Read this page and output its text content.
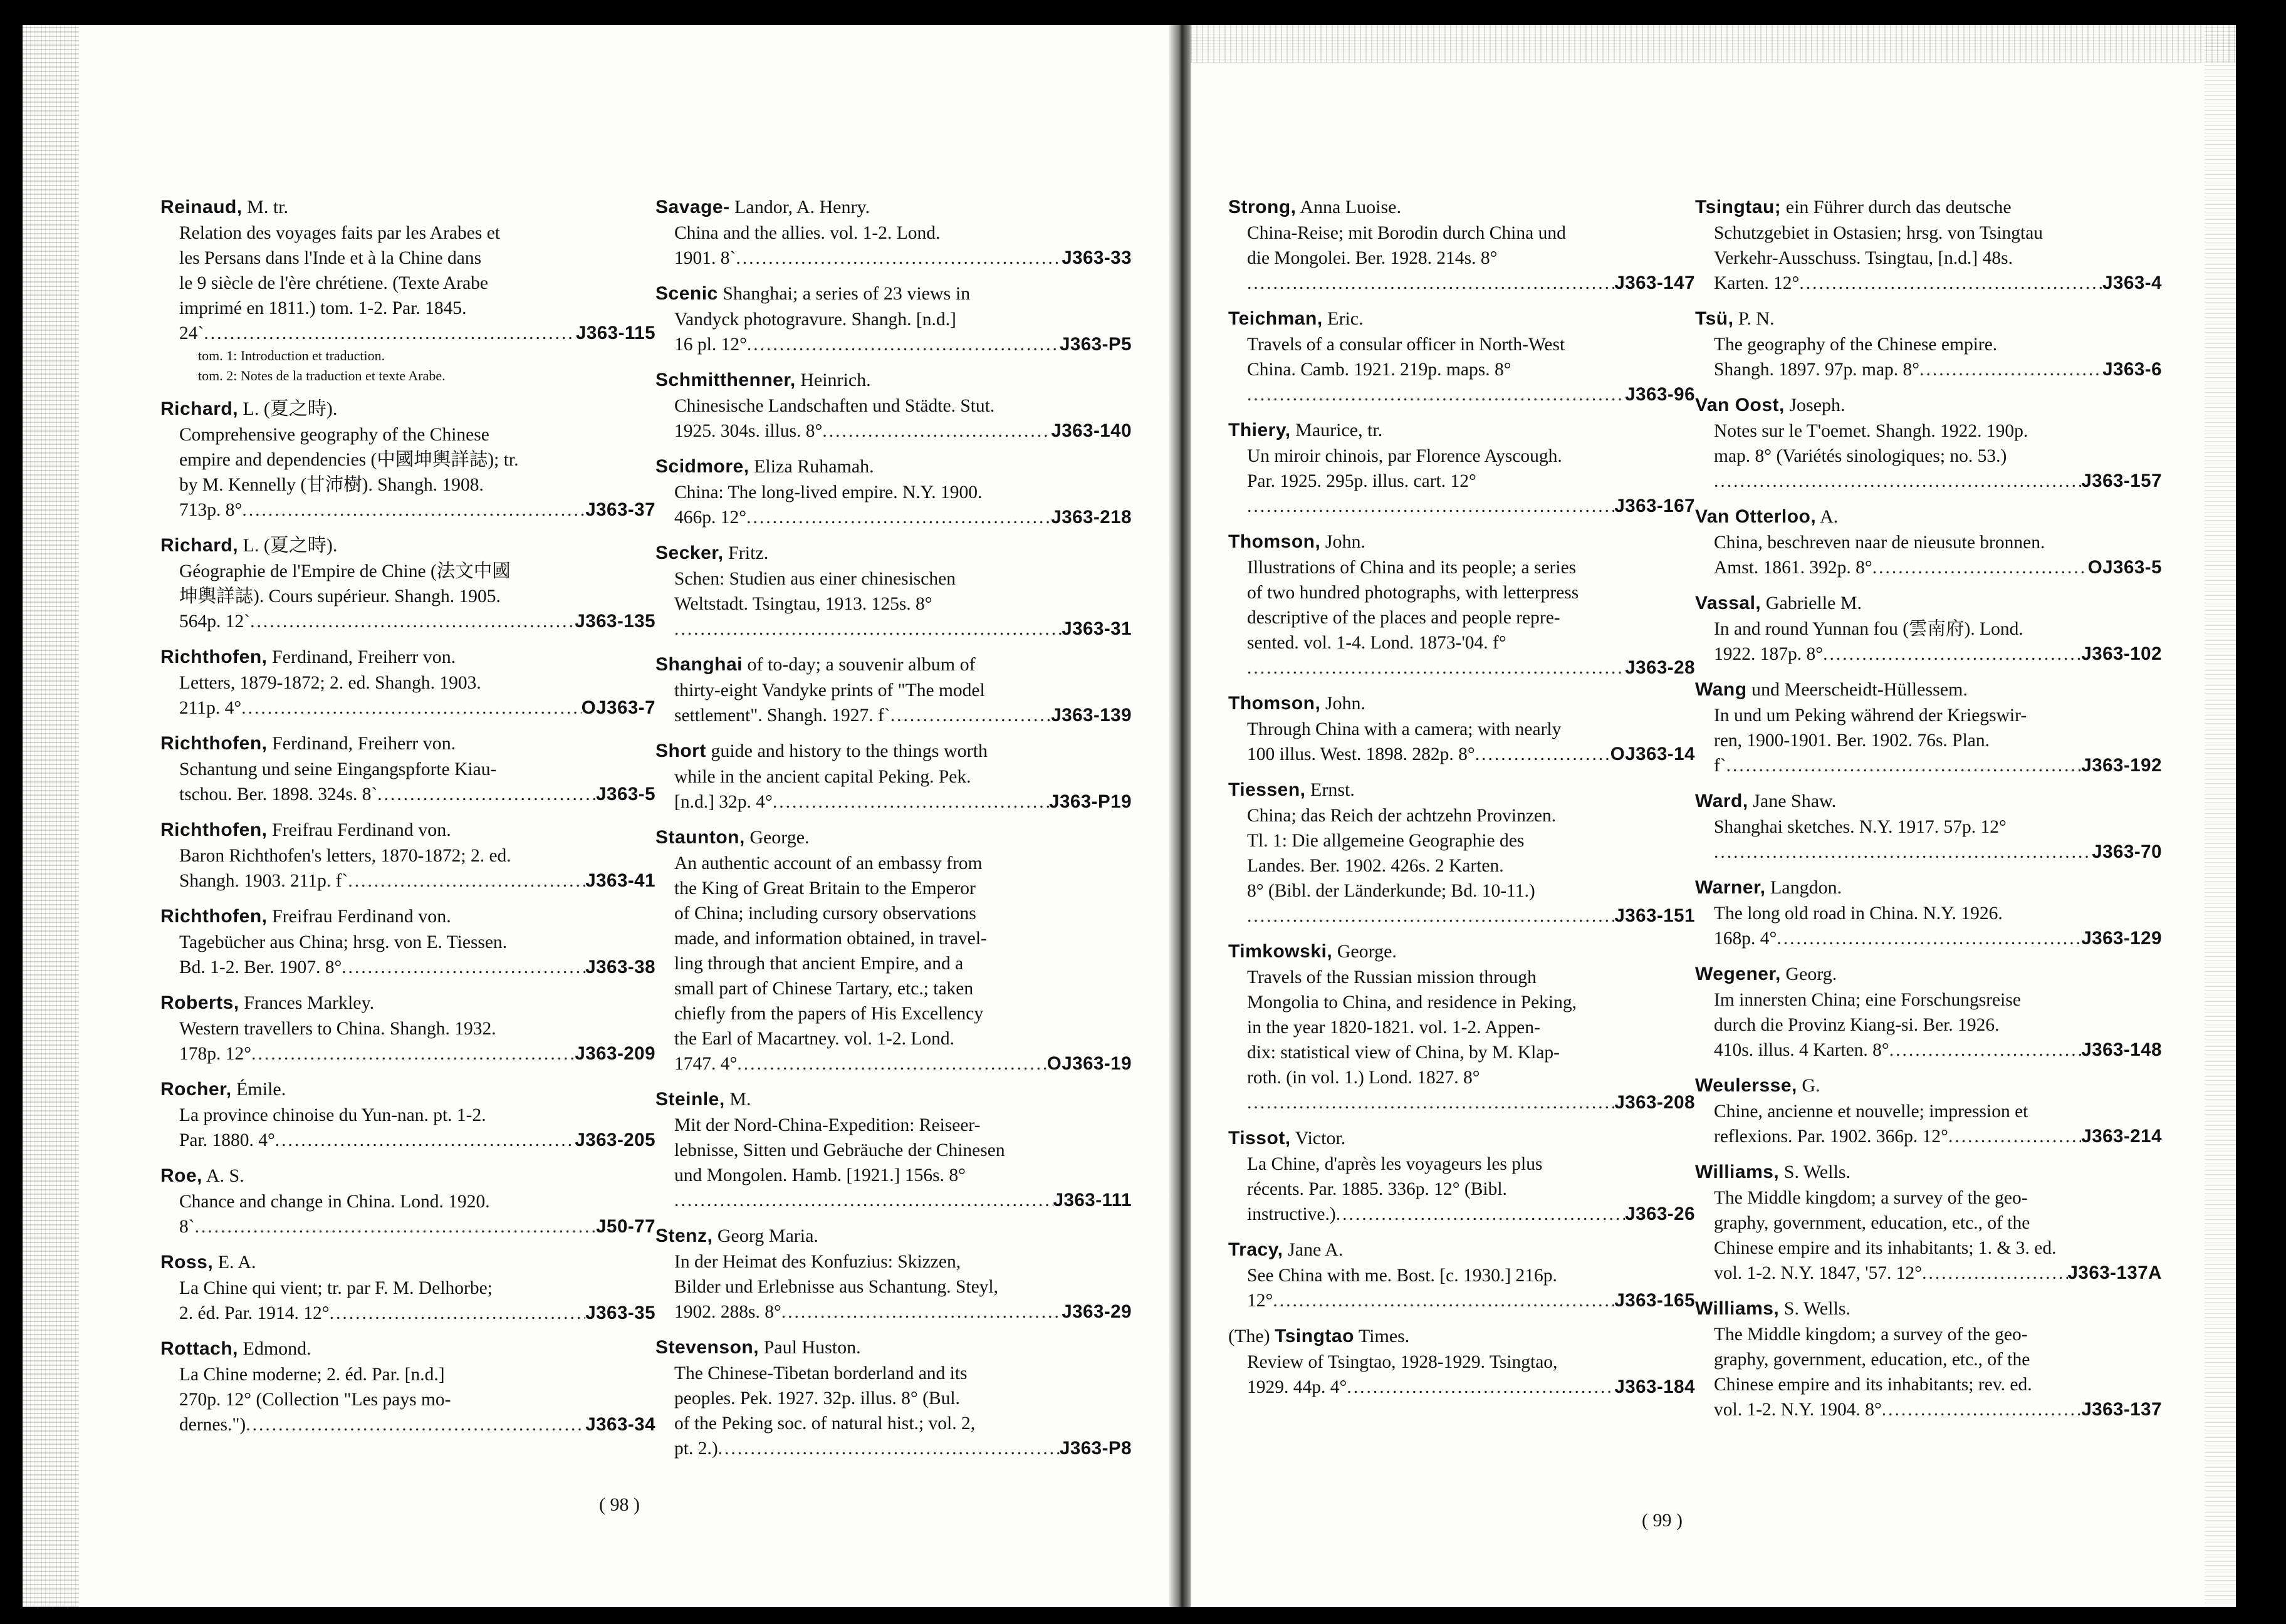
Reinaud, M. tr.
Relation des voyages faits par les Arabes et
les Persans dans l'Inde et à la Chine dans
le 9 siècle de l'ère chrétiene. (Texte Arabe
imprimé en 1811.) tom. 1-2. Par. 1845.
24` .....	J363-115
tom. 1: Introduction et traduction.
tom. 2: Notes de la traduction et texte Arabe.
Richard, L. (夏之時).
Comprehensive geography of the Chinese
empire and dependencies (中國坤輿詳誌); tr.
by M. Kennelly (甘沛樹). Shangh. 1908.
713p. 8° .....	J363-37
Richard, L. (夏之時).
Géographie de l'Empire de Chine (法文中國
坤輿詳誌). Cours supérieur. Shangh. 1905.
564p. 12` .....	J363-135
Richthofen, Ferdinand, Freiherr von.
Letters, 1879-1872; 2. ed. Shangh. 1903.
211p. 4° .....	OJ363-7
Richthofen, Ferdinand, Freiherr von.
Schantung und seine Eingangspforte Kiau-
tschou. Ber. 1898. 324s. 8` .....	J363-5
Richthofen, Freifrau Ferdinand von.
Baron Richthofen's letters, 1870-1872; 2. ed.
Shangh. 1903. 211p. f` .....	J363-41
Richthofen, Freifrau Ferdinand von.
Tagebücher aus China; hrsg. von E. Tiessen.
Bd. 1-2. Ber. 1907. 8° .....	J363-38
Roberts, Frances Markley.
Western travellers to China. Shangh. 1932.
178p. 12° .....	J363-209
Rocher, Émile.
La province chinoise du Yun-nan. pt. 1-2.
Par. 1880. 4° .....	J363-205
Roe, A. S.
Chance and change in China. Lond. 1920.
8` .....	J50-77
Ross, E. A.
La Chine qui vient; tr. par F. M. Delhorbe;
2. éd. Par. 1914. 12° .....	J363-35
Rottach, Edmond.
La Chine moderne; 2. éd. Par. [n.d.]
270p. 12° (Collection "Les pays mo-
dernes.") .....	J363-34
Savage- Landor, A. Henry.
China and the allies. vol. 1-2. Lond.
1901. 8` .....	J363-33
Scenic Shanghai; a series of 23 views in
Vandyck photogravure. Shangh. [n.d.]
16 pl. 12° .....	J363-P5
Schmitthenner, Heinrich.
Chinesische Landschaften und Städte. Stut.
1925. 304s. illus. 8° .....	J363-140
Scidmore, Eliza Ruhamah.
China: The long-lived empire. N.Y. 1900.
466p. 12° .....	J363-218
Secker, Fritz.
Schen: Studien aus einer chinesischen
Weltstadt. Tsingtau, 1913. 125s. 8°
.....
J363-31
Shanghai of to-day; a souvenir album of
thirty-eight Vandyke prints of "The model
settlement". Shangh. 1927. f` .....	J363-139
Short guide and history to the things worth
while in the ancient capital Peking. Pek.
[n.d.] 32p. 4° .....	J363-P19
Staunton, George.
An authentic account of an embassy from
the King of Great Britain to the Emperor
of China; including cursory observations
made, and information obtained, in travel-
ling through that ancient Empire, and a
small part of Chinese Tartary, etc.; taken
chiefly from the papers of His Excellency
the Earl of Macartney. vol. 1-2. Lond.
1747. 4° .....	OJ363-19
Steinle, M.
Mit der Nord-China-Expedition: Reiseer-
lebnisse, Sitten und Gebräuche der Chinesen
und Mongolen. Hamb. [1921.] 156s. 8°
.....
J363-111
Stenz, Georg Maria.
In der Heimat des Konfuzius: Skizzen,
Bilder und Erlebnisse aus Schantung. Steyl,
1902. 288s. 8° .....	J363-29
Stevenson, Paul Huston.
The Chinese-Tibetan borderland and its
peoples. Pek. 1927. 32p. illus. 8° (Bul.
of the Peking soc. of natural hist.; vol. 2,
pt. 2.) .....	J363-P8
( 98 )
Strong, Anna Luoise.
China-Reise; mit Borodin durch China und
die Mongolei. Ber. 1928. 214s. 8°
.....
J363-147
Teichman, Eric.
Travels of a consular officer in North-West
China. Camb. 1921. 219p. maps. 8°
.....
J363-96
Thiery, Maurice, tr.
Un miroir chinois, par Florence Ayscough.
Par. 1925. 295p. illus. cart. 12°
.....
J363-167
Thomson, John.
Illustrations of China and its people; a series
of two hundred photographs, with letterpress
descriptive of the places and people repre-
sented. vol. 1-4. Lond. 1873-'04. f°
.....
J363-28
Thomson, John.
Through China with a camera; with nearly
100 illus. West. 1898. 282p. 8° .....	OJ363-14
Tiessen, Ernst.
China; das Reich der achtzehn Provinzen.
Tl. 1: Die allgemeine Geographie des
Landes. Ber. 1902. 426s. 2 Karten.
8° (Bibl. der Länderkunde; Bd. 10-11.)
.....
J363-151
Timkowski, George.
Travels of the Russian mission through
Mongolia to China, and residence in Peking,
in the year 1820-1821. vol. 1-2. Appen-
dix: statistical view of China, by M. Klap-
roth. (in vol. 1.) Lond. 1827. 8°
.....
J363-208
Tissot, Victor.
La Chine, d'après les voyageurs les plus
récents. Par. 1885. 336p. 12° (Bibl.
instructive.) .....	J363-26
Tracy, Jane A.
See China with me. Bost. [c. 1930.] 216p.
12° .....	J363-165
(The) Tsingtao Times.
Review of Tsingtao, 1928-1929. Tsingtao,
1929. 44p. 4° .....	J363-184
Tsingtau; ein Führer durch das deutsche
Schutzgebiet in Ostasien; hrsg. von Tsingtau
Verkehr-Ausschuss. Tsingtau, [n.d.] 48s.
Karten. 12° .....	J363-4
Tsü, P. N.
The geography of the Chinese empire.
Shangh. 1897. 97p. map. 8° .....	J363-6
Van Oost, Joseph.
Notes sur le T'oemet. Shangh. 1922. 190p.
map. 8° (Variétés sinologiques; no. 53.)
.....
J363-157
Van Otterloo, A.
China, beschreven naar de nieusute bronnen.
Amst. 1861. 392p. 8° .....	OJ363-5
Vassal, Gabrielle M.
In and round Yunnan fou (雲南府). Lond.
1922. 187p. 8° .....	J363-102
Wang und Meerscheidt-Hüllessem.
In und um Peking während der Kriegswir-
ren, 1900-1901. Ber. 1902. 76s. Plan.
f` .....	J363-192
Ward, Jane Shaw.
Shanghai sketches. N.Y. 1917. 57p. 12°
.....
J363-70
Warner, Langdon.
The long old road in China. N.Y. 1926.
168p. 4° .....	J363-129
Wegener, Georg.
Im innersten China; eine Forschungsreise
durch die Provinz Kiang-si. Ber. 1926.
410s. illus. 4 Karten. 8° .....	J363-148
Weulersse, G.
Chine, ancienne et nouvelle; impression et
reflexions. Par. 1902. 366p. 12° .....	J363-214
Williams, S. Wells.
The Middle kingdom; a survey of the geo-
graphy, government, education, etc., of the
Chinese empire and its inhabitants; 1. & 3. ed.
vol. 1-2. N.Y. 1847, '57. 12° .....	J363-137A
Williams, S. Wells.
The Middle kingdom; a survey of the geo-
graphy, government, education, etc., of the
Chinese empire and its inhabitants; rev. ed.
vol. 1-2. N.Y. 1904. 8° .....	J363-137
( 99 )
